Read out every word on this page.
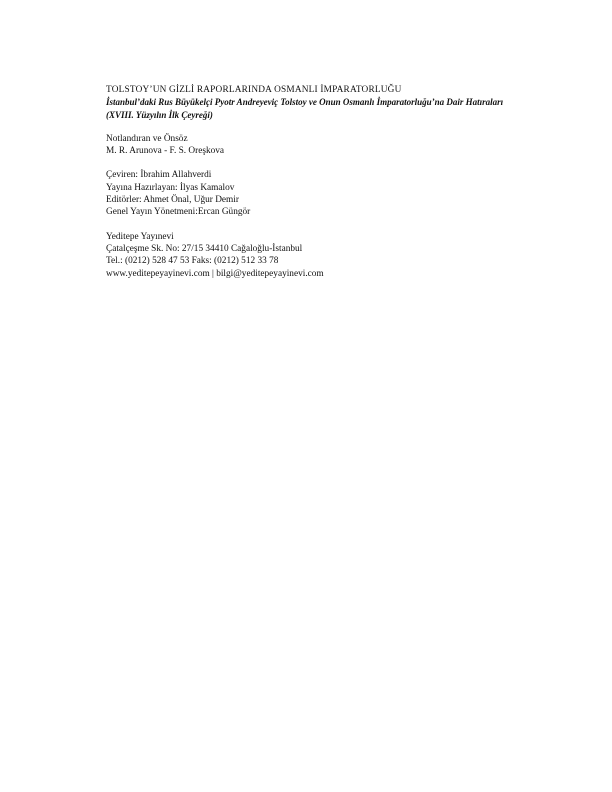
TOLSTOY’UN GİZLİ RAPORLARINDA OSMANLI İMPARATORLUĞU
İstanbul’daki Rus Büyükelçi Pyotr Andreyeviç Tolstoy ve Onun Osmanlı İmparatorluğu’na Dair Hatıraları
(XVIII. Yüzyılın İlk Çeyreği)
Notlandıran ve Önsöz
M. R. Arunova - F. S. Oreşkova
Çeviren: İbrahim Allahverdi
Yayına Hazırlayan: İlyas Kamalov
Editörler: Ahmet Önal, Uğur Demir
Genel Yayın Yönetmeni:Ercan Güngör
Yeditepe Yayınevi
Çatalçeşme Sk. No: 27/15 34410 Cağaloğlu-İstanbul
Tel.: (0212) 528 47 53 Faks: (0212) 512 33 78
www.yeditepeyayinevi.com | bilgi@yeditepeyayinevi.com
